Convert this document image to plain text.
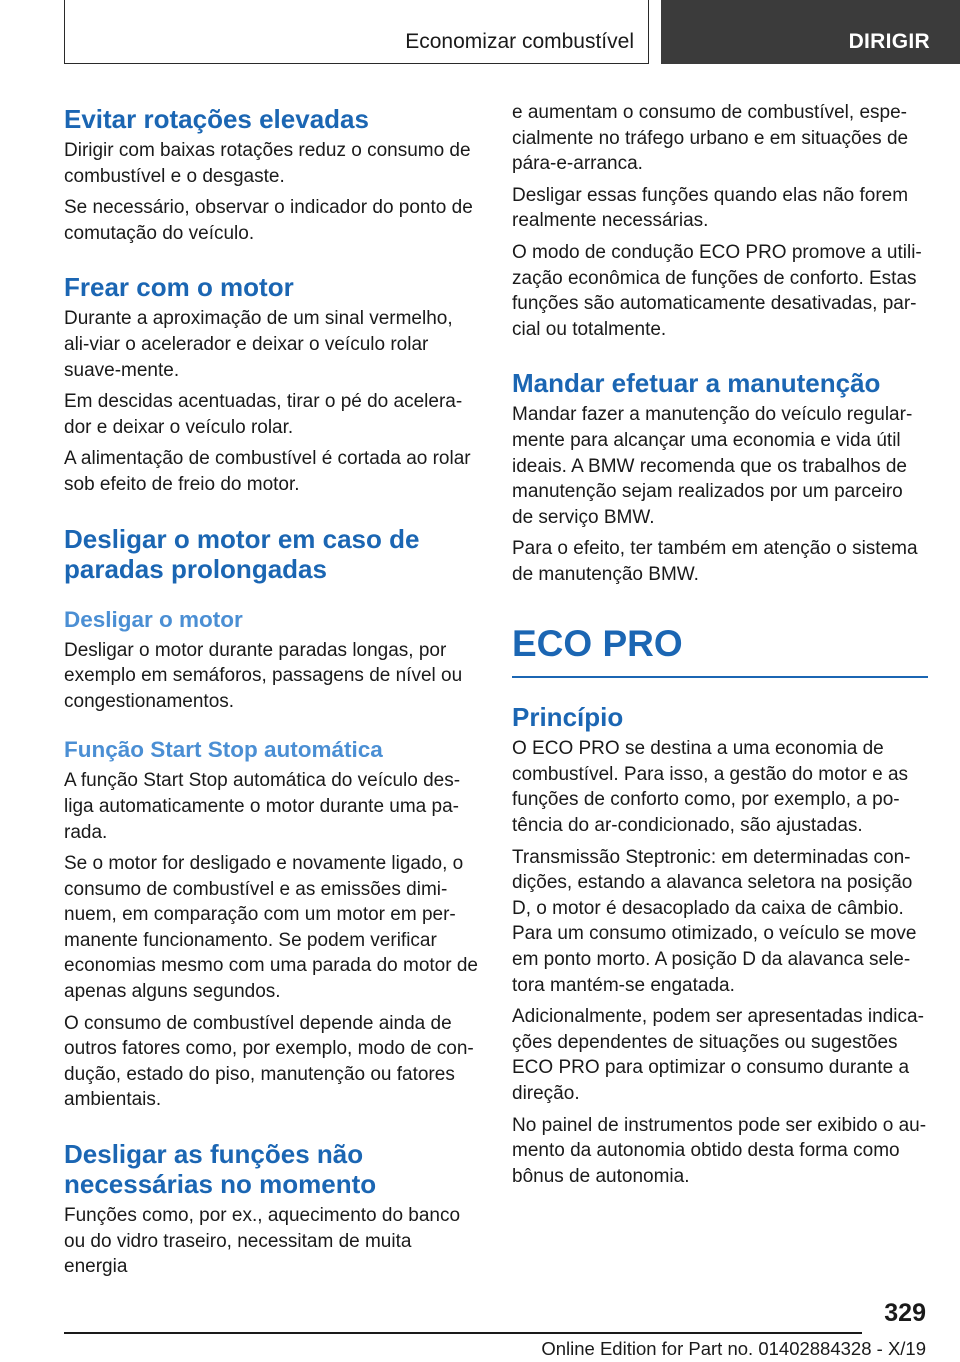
Economizar combustível	DIRIGIR
Evitar rotações elevadas

Dirigir com baixas rotações reduz o consumo de combustível e o desgaste.

Se necessário, observar o indicador do ponto de comutação do veículo.

Frear com o motor

Durante a aproximação de um sinal vermelho, ali-viar o acelerador e deixar o veículo rolar suave-mente.

Em descidas acentuadas, tirar o pé do acelera-dor e deixar o veículo rolar.

A alimentação de combustível é cortada ao rolar sob efeito de freio do motor.

Desligar o motor em caso de paradas prolongadas
Desligar o motor

Desligar o motor durante paradas longas, por exemplo em semáforos, passagens de nível ou congestionamentos.

Função Start Stop automática

A função Start Stop automática do veículo des-liga automaticamente o motor durante uma pa-rada.

Se o motor for desligado e novamente ligado, o consumo de combustível e as emissões dimi-nuem, em comparação com um motor em per-manente funcionamento. Se podem verificar economias mesmo com uma parada do motor de apenas alguns segundos.

O consumo de combustível depende ainda de outros fatores como, por exemplo, modo de con-dução, estado do piso, manutenção ou fatores ambientais.

Desligar as funções não necessárias no momento

Funções como, por ex., aquecimento do banco ou do vidro traseiro, necessitam de muita energia

e aumentam o consumo de combustível, espe-cialmente no tráfego urbano e em situações de pára-e-arranca.

Desligar essas funções quando elas não forem realmente necessárias.

O modo de condução ECO PRO promove a utili-zação econômica de funções de conforto. Estas funções são automaticamente desativadas, par-cial ou totalmente.

Mandar efetuar a manutenção

Mandar fazer a manutenção do veículo regular-mente para alcançar uma economia e vida útil ideais. A BMW recomenda que os trabalhos de manutenção sejam realizados por um parceiro de serviço BMW.

Para o efeito, ter também em atenção o sistema de manutenção BMW.

ECO PRO
Princípio

O ECO PRO se destina a uma economia de combustível. Para isso, a gestão do motor e as funções de conforto como, por exemplo, a po-tência do ar-condicionado, são ajustadas.

Transmissão Steptronic: em determinadas con-dições, estando a alavanca seletora na posição D, o motor é desacoplado da caixa de câmbio. Para um consumo otimizado, o veículo se move em ponto morto. A posição D da alavanca sele-tora mantém-se engatada.

Adicionalmente, podem ser apresentadas indica-ções dependentes de situações ou sugestões ECO PRO para optimizar o consumo durante a direção.

No painel de instrumentos pode ser exibido o au-mento da autonomia obtido desta forma como bônus de autonomia.

329
Online Edition for Part no. 01402884328 - X/19
